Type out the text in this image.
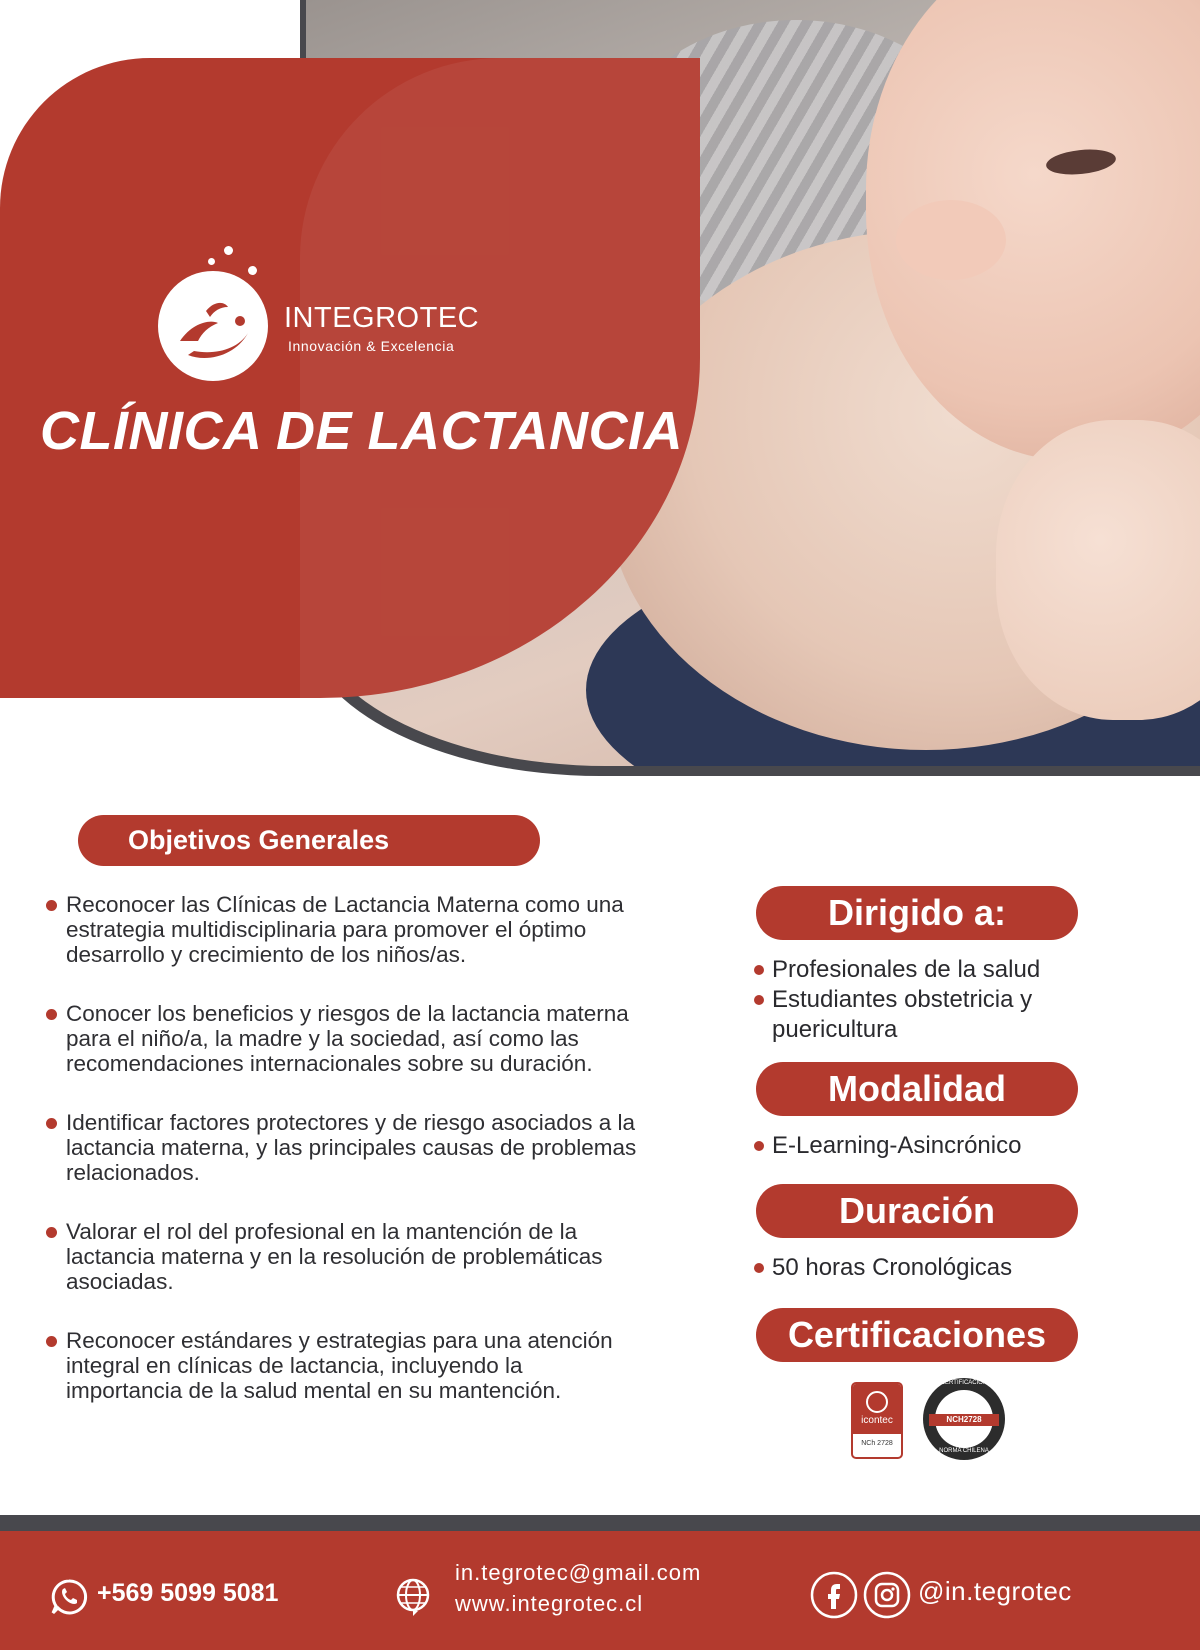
INTEGROTEC
Innovación & Excelencia
CLÍNICA DE LACTANCIA
Objetivos Generales
Reconocer las Clínicas de Lactancia Materna como una estrategia multidisciplinaria para promover el óptimo desarrollo y crecimiento de los niños/as.
Conocer los beneficios y riesgos de la lactancia materna para el niño/a, la madre y la sociedad, así como las recomendaciones internacionales sobre su duración.
Identificar factores protectores y de riesgo asociados a la lactancia materna, y las principales causas de problemas relacionados.
Valorar el rol del profesional en la mantención de la lactancia materna y en la resolución de problemáticas asociadas.
Reconocer estándares y estrategias para una atención integral en clínicas de lactancia, incluyendo la importancia de la salud mental en su mantención.
Dirigido a:
Profesionales de la salud
Estudiantes obstetricia y puericultura
Modalidad
E-Learning-Asincrónico
Duración
50 horas Cronológicas
Certificaciones
icontec
NCh 2728
CERTIFICACIÓN
NCH2728
NORMA CHILENA
+569 5099 5081
in.tegrotec@gmail.com
www.integrotec.cl	@in.tegrotec
